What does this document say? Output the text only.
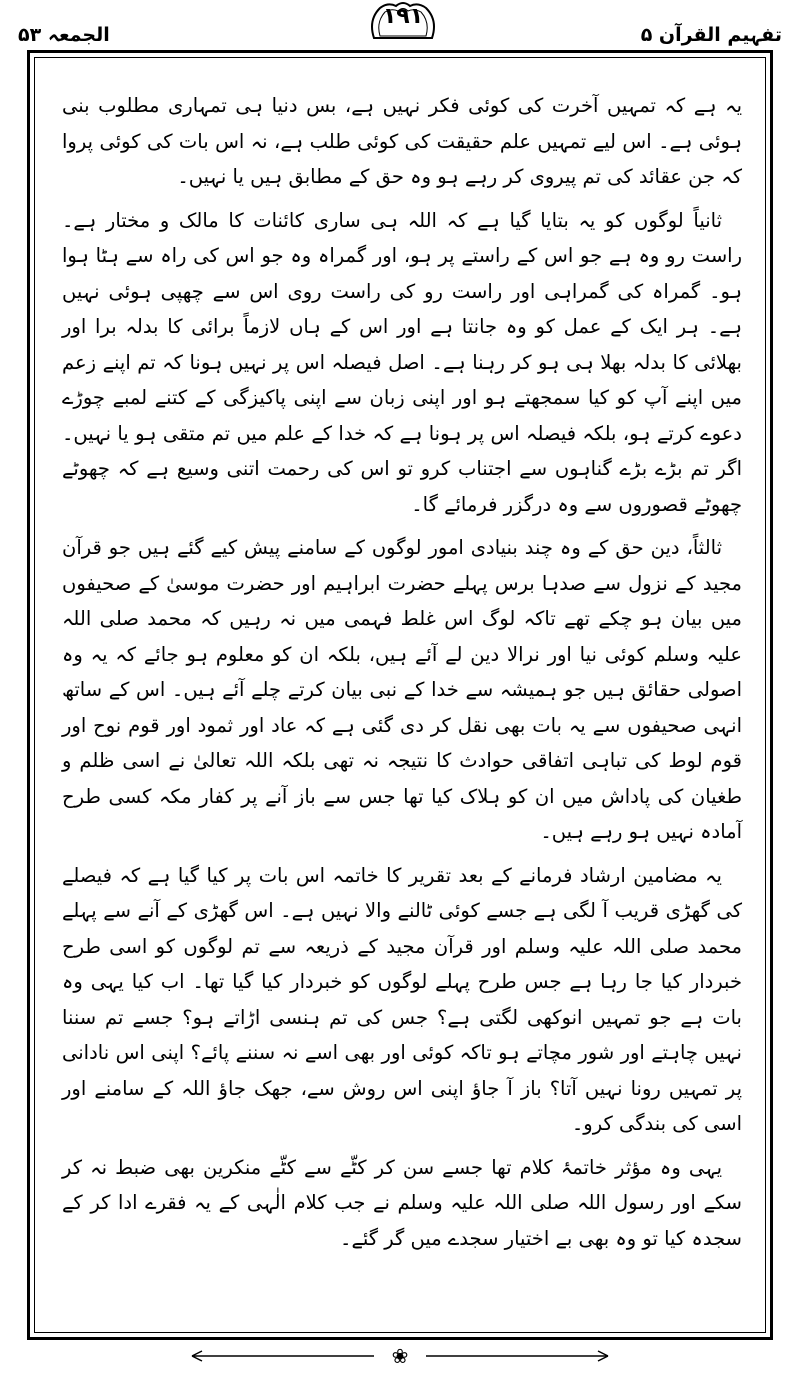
الجمعہ ۵۳
۱۹۱
تفہیم القرآن ۵

یہ ہے کہ تمہیں آخرت کی کوئی فکر نہیں ہے، بس دنیا ہی تمہاری مطلوب بنی ہوئی ہے۔ اس لیے تمہیں علم حقیقت کی کوئی طلب ہے، نہ اس بات کی کوئی پروا کہ جن عقائد کی تم پیروی کر رہے ہو وہ حق کے مطابق ہیں یا نہیں۔

ثانیاً لوگوں کو یہ بتایا گیا ہے کہ اللہ ہی ساری کائنات کا مالک و مختار ہے۔ راست رو وہ ہے جو اس کے راستے پر ہو، اور گمراہ وہ جو اس کی راہ سے ہٹا ہوا ہو۔ گمراہ کی گمراہی اور راست رو کی راست روی اس سے چھپی ہوئی نہیں ہے۔ ہر ایک کے عمل کو وہ جانتا ہے اور اس کے ہاں لازماً برائی کا بدلہ برا اور بھلائی کا بدلہ بھلا ہی ہو کر رہنا ہے۔ اصل فیصلہ اس پر نہیں ہونا کہ تم اپنے زعم میں اپنے آپ کو کیا سمجھتے ہو اور اپنی زبان سے اپنی پاکیزگی کے کتنے لمبے چوڑے دعوے کرتے ہو، بلکہ فیصلہ اس پر ہونا ہے کہ خدا کے علم میں تم متقی ہو یا نہیں۔ اگر تم بڑے بڑے گناہوں سے اجتناب کرو تو اس کی رحمت اتنی وسیع ہے کہ چھوٹے چھوٹے قصوروں سے وہ درگزر فرمائے گا۔

ثالثاً، دین حق کے وہ چند بنیادی امور لوگوں کے سامنے پیش کیے گئے ہیں جو قرآن مجید کے نزول سے صدہا برس پہلے حضرت ابراہیم اور حضرت موسیٰ کے صحیفوں میں بیان ہو چکے تھے تاکہ لوگ اس غلط فہمی میں نہ رہیں کہ محمد صلی اللہ علیہ وسلم کوئی نیا اور نرالا دین لے آئے ہیں، بلکہ ان کو معلوم ہو جائے کہ یہ وہ اصولی حقائق ہیں جو ہمیشہ سے خدا کے نبی بیان کرتے چلے آئے ہیں۔ اس کے ساتھ انہی صحیفوں سے یہ بات بھی نقل کر دی گئی ہے کہ عاد اور ثمود اور قوم نوح اور قوم لوط کی تباہی اتفاقی حوادث کا نتیجہ نہ تھی بلکہ اللہ تعالیٰ نے اسی ظلم و طغیان کی پاداش میں ان کو ہلاک کیا تھا جس سے باز آنے پر کفار مکہ کسی طرح آمادہ نہیں ہو رہے ہیں۔

یہ مضامین ارشاد فرمانے کے بعد تقریر کا خاتمہ اس بات پر کیا گیا ہے کہ فیصلے کی گھڑی قریب آ لگی ہے جسے کوئی ٹالنے والا نہیں ہے۔ اس گھڑی کے آنے سے پہلے محمد صلی اللہ علیہ وسلم اور قرآن مجید کے ذریعہ سے تم لوگوں کو اسی طرح خبردار کیا جا رہا ہے جس طرح پہلے لوگوں کو خبردار کیا گیا تھا۔ اب کیا یہی وہ بات ہے جو تمہیں انوکھی لگتی ہے؟ جس کی تم ہنسی اڑاتے ہو؟ جسے تم سننا نہیں چاہتے اور شور مچاتے ہو تاکہ کوئی اور بھی اسے نہ سننے پائے؟ اپنی اس نادانی پر تمہیں رونا نہیں آتا؟ باز آ جاؤ اپنی اس روش سے، جھک جاؤ اللہ کے سامنے اور اسی کی بندگی کرو۔

یہی وہ مؤثر خاتمۂ کلام تھا جسے سن کر کٹّے سے کٹّے منکرین بھی ضبط نہ کر سکے اور رسول اللہ صلی اللہ علیہ وسلم نے جب کلام الٰہی کے یہ فقرے ادا کر کے سجدہ کیا تو وہ بھی بے اختیار سجدے میں گر گئے۔

❀
